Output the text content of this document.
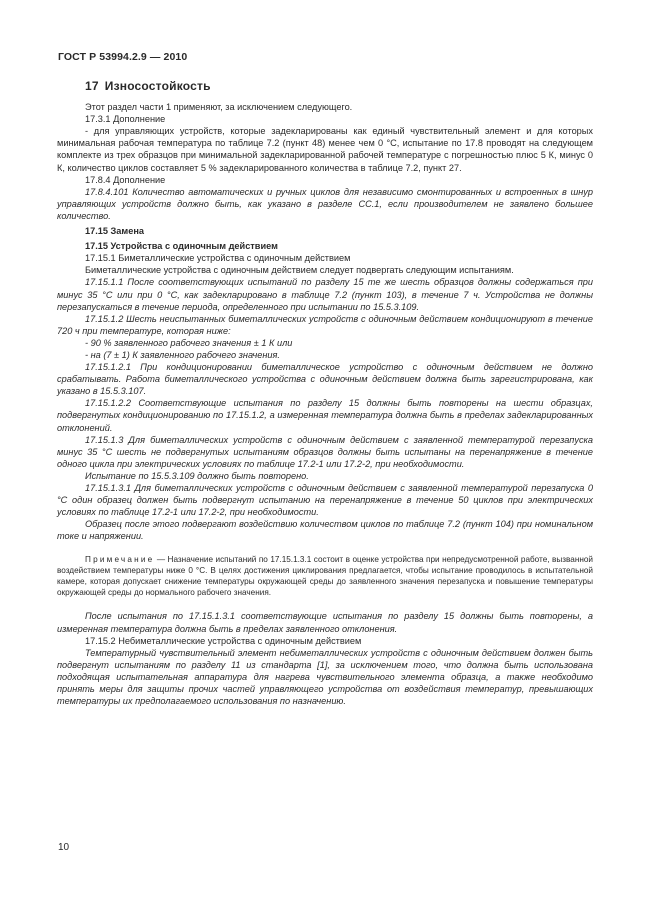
ГОСТ Р 53994.2.9 — 2010

17 Износостойкость

Этот раздел части 1 применяют, за исключением следующего.

17.3.1 Дополнение

- для управляющих устройств, которые задекларированы как единый чувствительный элемент и для которых минимальная рабочая температура по таблице 7.2 (пункт 48) менее чем 0 °С, испытание по 17.8 проводят на следующем комплекте из трех образцов при минимальной задекларированной рабочей температуре с погрешностью плюс 5 К, минус 0 К, количество циклов составляет 5 % задекларированного количества в таблице 7.2, пункт 27.

17.8.4 Дополнение

17.8.4.101 Количество автоматических и ручных циклов для независимо смонтированных и встроенных в шнур управляющих устройств должно быть, как указано в разделе СС.1, если производителем не заявлено большее количество.

17.15 Замена

17.15 Устройства с одиночным действием

17.15.1 Биметаллические устройства с одиночным действием

Биметаллические устройства с одиночным действием следует подвергать следующим испытаниям.

17.15.1.1 После соответствующих испытаний по разделу 15 те же шесть образцов должны содержаться при минус 35 °С или при 0 °С, как задекларировано в таблице 7.2 (пункт 103), в течение 7 ч. Устройства не должны перезапускаться в течение периода, определенного при испытании по 15.5.3.109.

17.15.1.2 Шесть неиспытанных биметаллических устройств с одиночным действием кондиционируют в течение 720 ч при температуре, которая ниже:

- 90 % заявленного рабочего значения ± 1 К или

- на (7 ± 1) К заявленного рабочего значения.

17.15.1.2.1 При кондиционировании биметаллическое устройство с одиночным действием не должно срабатывать. Работа биметаллического устройства с одиночным действием должна быть зарегистрирована, как указано в 15.5.3.107.

17.15.1.2.2 Соответствующие испытания по разделу 15 должны быть повторены на шести образцах, подвергнутых кондиционированию по 17.15.1.2, а измеренная температура должна быть в пределах задекларированных отклонений.

17.15.1.3 Для биметаллических устройств с одиночным действием с заявленной температурой перезапуска минус 35 °С шесть не подвергнутых испытаниям образцов должны быть испытаны на перенапряжение в течение одного цикла при электрических условиях по таблице 17.2-1 или 17.2-2, при необходимости.

Испытание по 15.5.3.109 должно быть повторено.

17.15.1.3.1 Для биметаллических устройств с одиночным действием с заявленной температурой перезапуска 0 °С один образец должен быть подвергнут испытанию на перенапряжение в течение 50 циклов при электрических условиях по таблице 17.2-1 или 17.2-2, при необходимости.

Образец после этого подвергают воздействию количеством циклов по таблице 7.2 (пункт 104) при номинальном токе и напряжении.

Примечание — Назначение испытаний по 17.15.1.3.1 состоит в оценке устройства при непредусмотренной работе, вызванной воздействием температуры ниже 0 °С. В целях достижения циклирования предлагается, чтобы испытание проводилось в испытательной камере, которая допускает снижение температуры окружающей среды до заявленного значения перезапуска и повышение температуры окружающей среды до нормального рабочего значения.

После испытания по 17.15.1.3.1 соответствующие испытания по разделу 15 должны быть повторены, а измеренная температура должна быть в пределах заявленного отклонения.

17.15.2 Небиметаллические устройства с одиночным действием

Температурный чувствительный элемент небиметаллических устройств с одиночным действием должен быть подвергнут испытаниям по разделу 11 из стандарта [1], за исключением того, что должна быть использована подходящая испытательная аппаратура для нагрева чувствительного элемента образца, а также необходимо принять меры для защиты прочих частей управляющего устройства от воздействия температур, превышающих температуры их предполагаемого использования по назначению.

10
